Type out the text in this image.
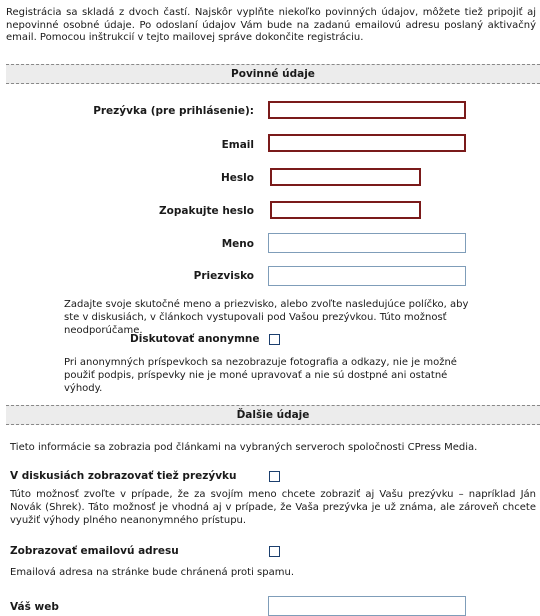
Registrácia sa skladá z dvoch častí. Najskôr vyplňte niekoľko povinných údajov, môžete tiež pripojiť aj nepovinné osobné údaje. Po odoslaní údajov Vám bude na zadanú emailovú adresu poslaný aktivačný email. Pomocou inštrukcií v tejto mailovej správe dokončite registráciu.
Povinné údaje
Prezývka (pre prihlásenie):
Email
Heslo
Zopakujte heslo
Meno
Priezvisko
Zadajte svoje skutočné meno a priezvisko, alebo zvoľte nasledujúce políčko, aby ste v diskusiách, v článkoch vystupovali pod Vašou prezývkou. Túto možnosť neodporúčame.
Diskutovať anonymne
Pri anonymných príspevkoch sa nezobrazuje fotografia a odkazy, nie je možné použiť podpis, príspevky nie je moné upravovať a nie sú dostpné ani ostatné výhody.
Ďalšie údaje
Tieto informácie sa zobrazia pod článkami na vybraných serveroch spoločnosti CPress Media.
V diskusiách zobrazovať tiež prezývku
Túto možnosť zvoľte v prípade, že za svojím meno chcete zobraziť aj Vašu prezývku – napríklad Ján Novák (Shrek). Táto možnosť je vhodná aj v prípade, že Vaša prezývka je už známa, ale zároveň chcete využiť výhody plného neanonymného prístupu.
Zobrazovať emailovú adresu
Emailová adresa na stránke bude chránená proti spamu.
Váš web
